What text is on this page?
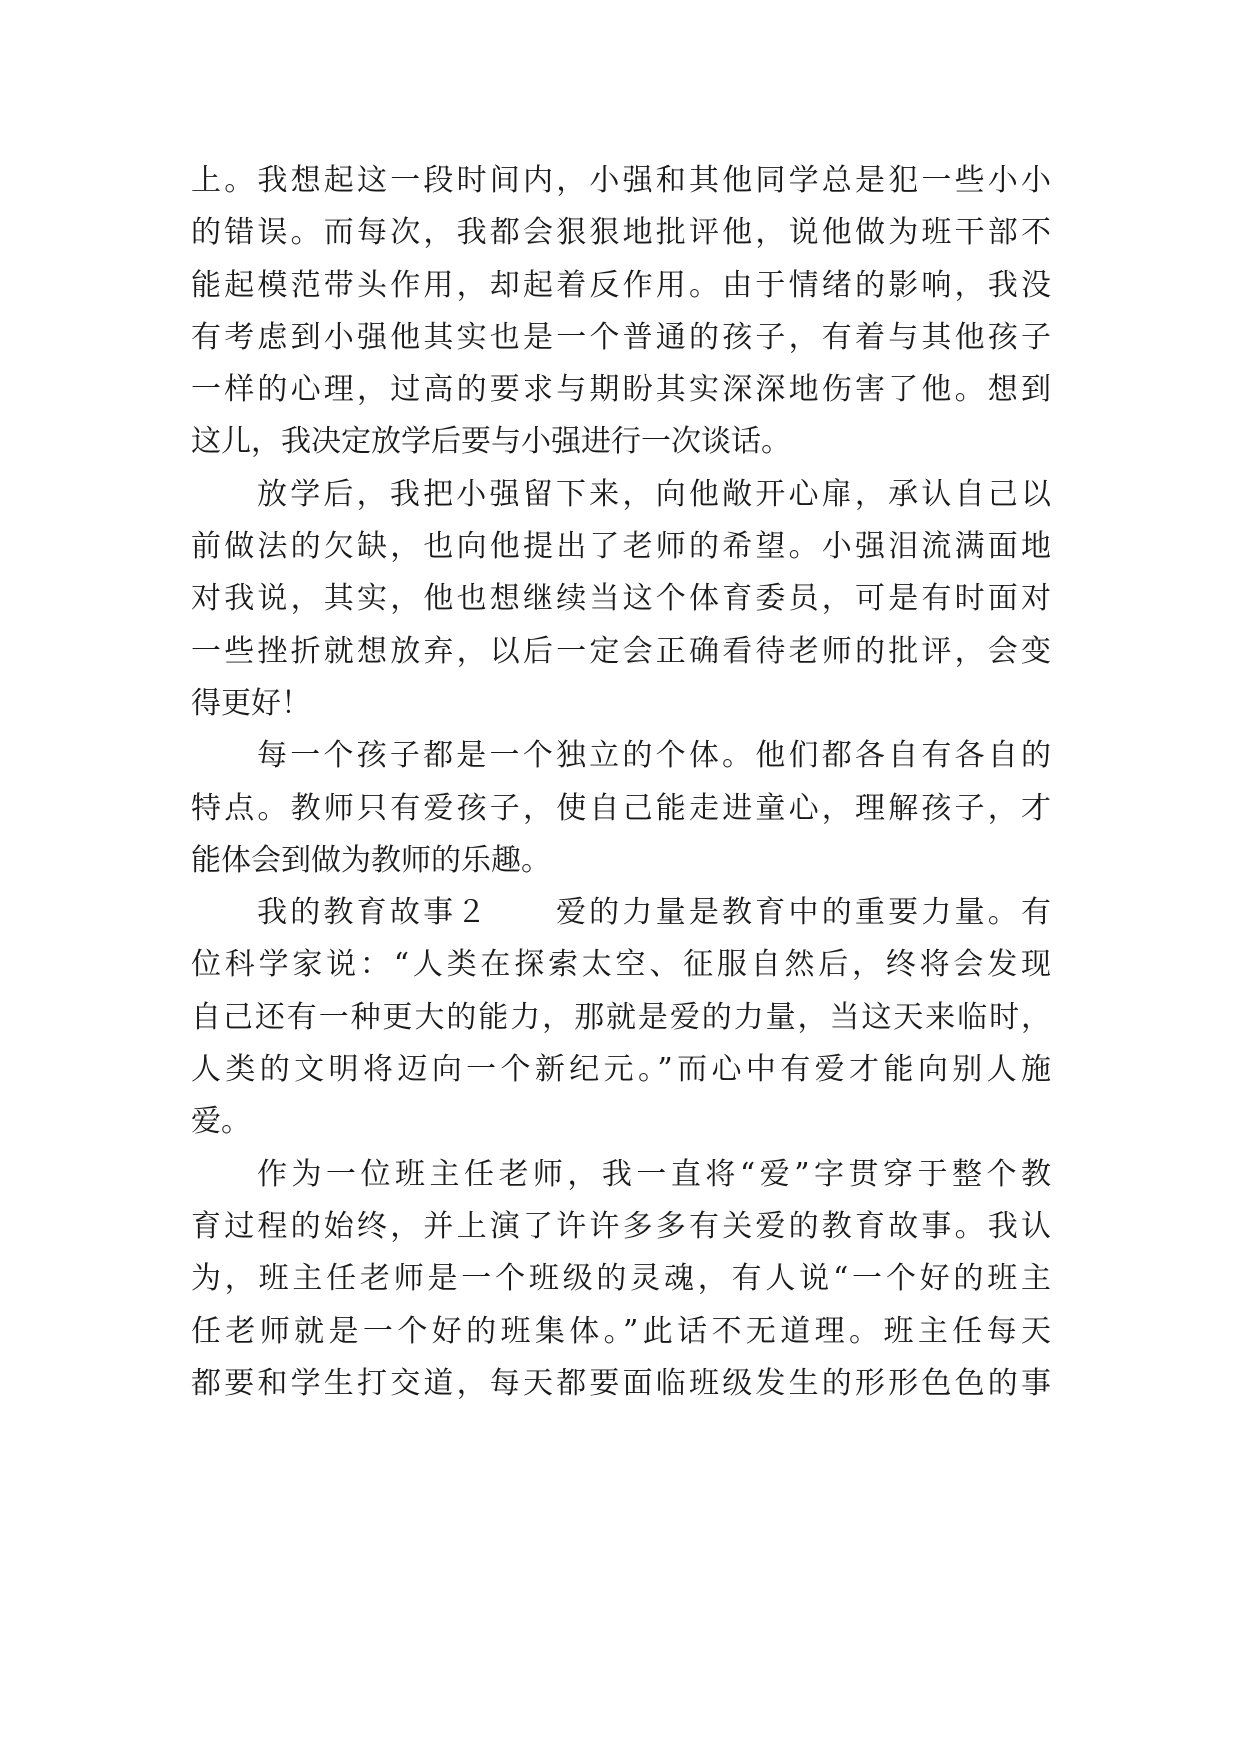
上。我想起这一段时间内，小强和其他同学总是犯一些小小
的错误。而每次，我都会狠狠地批评他，说他做为班干部不
能起模范带头作用，却起着反作用。由于情绪的影响，我没
有考虑到小强他其实也是一个普通的孩子，有着与其他孩子
一样的心理，过高的要求与期盼其实深深地伤害了他。想到
这儿，我决定放学后要与小强进行一次谈话。
放学后，我把小强留下来，向他敞开心扉，承认自己以
前做法的欠缺，也向他提出了老师的希望。小强泪流满面地
对我说，其实，他也想继续当这个体育委员，可是有时面对
一些挫折就想放弃，以后一定会正确看待老师的批评，会变
得更好！
每一个孩子都是一个独立的个体。他们都各自有各自的
特点。教师只有爱孩子，使自己能走进童心，理解孩子，才
能体会到做为教师的乐趣。
我的教育故事２　　爱的力量是教育中的重要力量。有
位科学家说：“人类在探索太空、征服自然后，终将会发现
自己还有一种更大的能力，那就是爱的力量，当这天来临时，
人类的文明将迈向一个新纪元。”而心中有爱才能向别人施
爱。
作为一位班主任老师，我一直将“爱”字贯穿于整个教
育过程的始终，并上演了许许多多有关爱的教育故事。我认
为，班主任老师是一个班级的灵魂，有人说“一个好的班主
任老师就是一个好的班集体。”此话不无道理。班主任每天
都要和学生打交道，每天都要面临班级发生的形形色色的事
